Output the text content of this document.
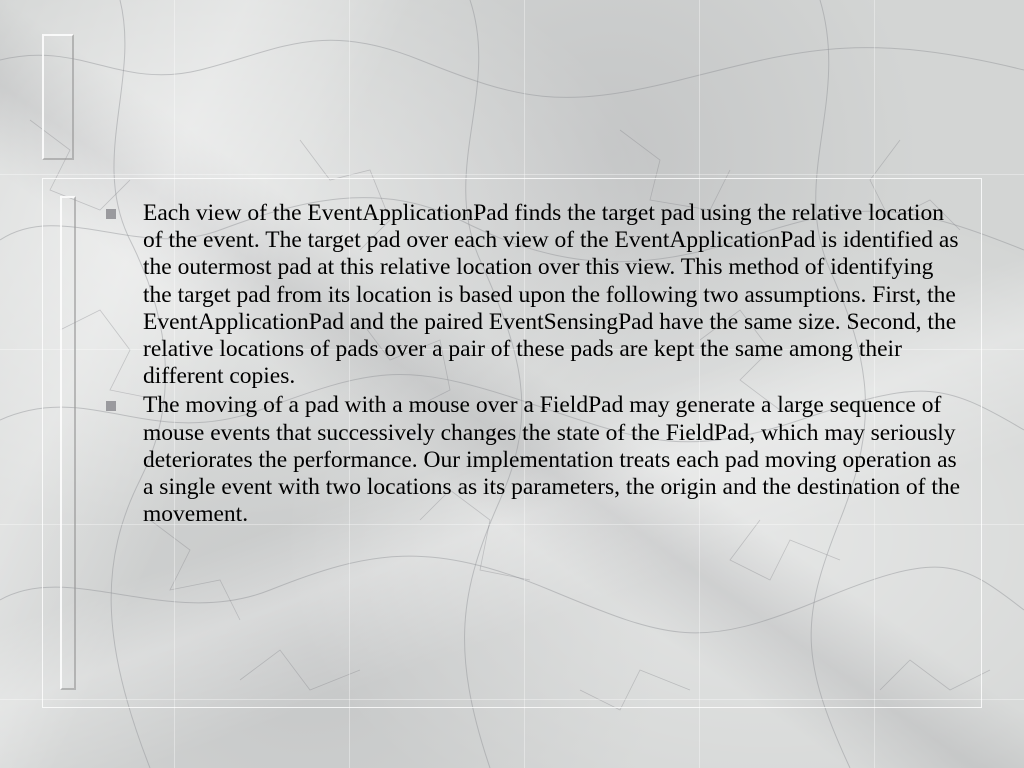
Each view of the EventApplicationPad finds the target pad using the relative location of the event. The target pad over each view of the EventApplicationPad is identified as the outermost pad at this relative location over this view. This method of identifying the target pad from its location is based upon the following two assumptions. First, the EventApplicationPad and the paired EventSensingPad have the same size. Second, the relative locations of pads over a pair of these pads are kept the same among their different copies.
The moving of a pad with a mouse over a FieldPad may generate a large sequence of mouse events that successively changes the state of the FieldPad, which may seriously deteriorates the performance. Our implementation treats each pad moving operation as a single event with two locations as its parameters, the origin and the destination of the movement.
